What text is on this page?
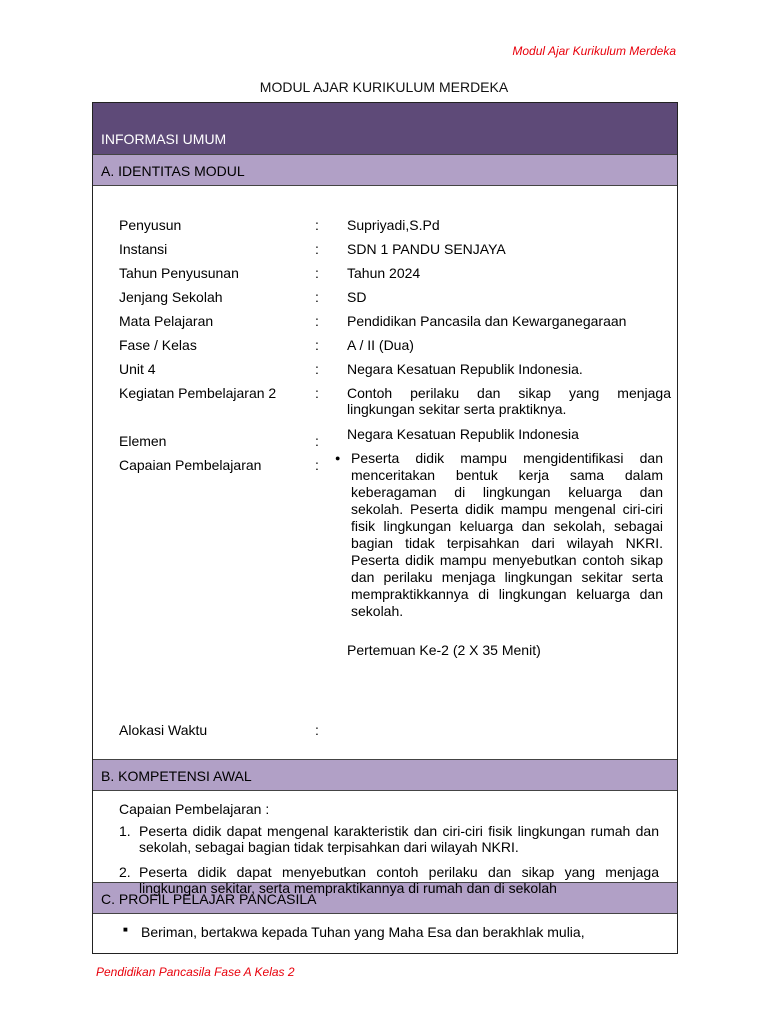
Modul Ajar Kurikulum Merdeka
MODUL AJAR KURIKULUM MERDEKA
INFORMASI UMUM
A. IDENTITAS MODUL
Penyusun	: Supriyadi,S.Pd
Instansi	: SDN 1 PANDU SENJAYA
Tahun Penyusunan	: Tahun 2024
Jenjang Sekolah	: SD
Mata Pelajaran	: Pendidikan Pancasila dan Kewarganegaraan
Fase / Kelas	: A / II (Dua)
Unit 4	: Negara Kesatuan Republik Indonesia.
Kegiatan Pembelajaran 2	: Contoh perilaku dan sikap yang menjaga lingkungan sekitar serta praktiknya.
Elemen	: Negara Kesatuan Republik Indonesia
Capaian Pembelajaran	:
●	Peserta didik mampu mengidentifikasi dan menceritakan bentuk kerja sama dalam keberagaman di lingkungan keluarga dan sekolah. Peserta didik mampu mengenal ciri-ciri fisik lingkungan keluarga dan sekolah, sebagai bagian tidak terpisahkan dari wilayah NKRI. Peserta didik mampu menyebutkan contoh sikap dan perilaku menjaga lingkungan sekitar serta mempraktikkannya di lingkungan keluarga dan sekolah.
Pertemuan Ke-2 (2 X 35 Menit)
Alokasi Waktu	:
B. KOMPETENSI AWAL
Capaian Pembelajaran :
1. Peserta didik dapat mengenal karakteristik dan ciri-ciri fisik lingkungan rumah dan sekolah, sebagai bagian tidak terpisahkan dari wilayah NKRI.
2. Peserta didik dapat menyebutkan contoh perilaku dan sikap yang menjaga lingkungan sekitar, serta mempraktikannya di rumah dan di sekolah
C. PROFIL PELAJAR PANCASILA
■ Beriman, bertakwa kepada Tuhan yang Maha Esa dan berakhlak mulia,
Pendidikan Pancasila Fase A Kelas 2
